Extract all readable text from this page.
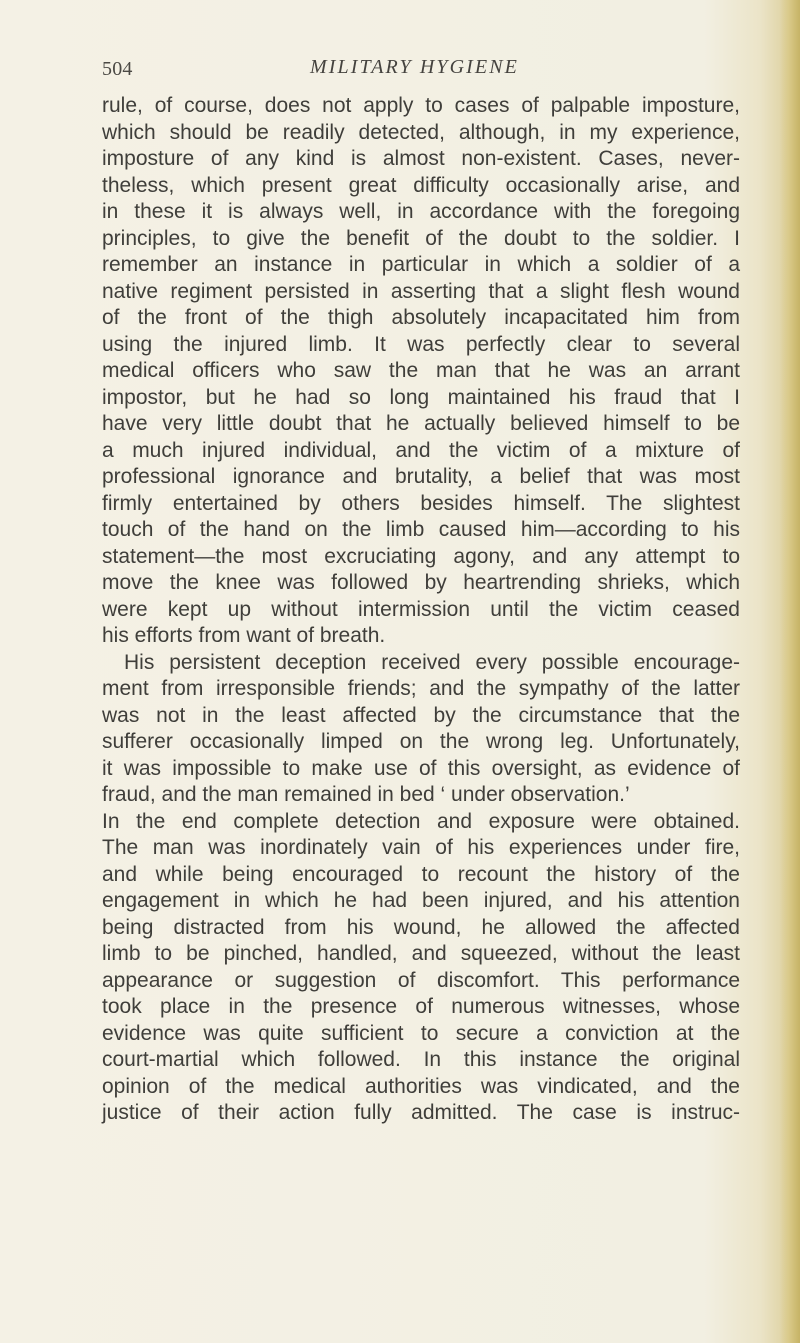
504	MILITARY HYGIENE
rule, of course, does not apply to cases of palpable imposture,
which should be readily detected, although, in my experience,
imposture of any kind is almost non-existent. Cases, never-
theless, which present great difficulty occasionally arise, and
in these it is always well, in accordance with the foregoing
principles, to give the benefit of the doubt to the soldier. I
remember an instance in particular in which a soldier of a
native regiment persisted in asserting that a slight flesh wound
of the front of the thigh absolutely incapacitated him from
using the injured limb. It was perfectly clear to several
medical officers who saw the man that he was an arrant
impostor, but he had so long maintained his fraud that I
have very little doubt that he actually believed himself to be
a much injured individual, and the victim of a mixture of
professional ignorance and brutality, a belief that was most
firmly entertained by others besides himself. The slightest
touch of the hand on the limb caused him—according to his
statement—the most excruciating agony, and any attempt to
move the knee was followed by heartrending shrieks, which
were kept up without intermission until the victim ceased
his efforts from want of breath.
His persistent deception received every possible encourage-
ment from irresponsible friends; and the sympathy of the latter
was not in the least affected by the circumstance that the
sufferer occasionally limped on the wrong leg. Unfortunately,
it was impossible to make use of this oversight, as evidence of
fraud, and the man remained in bed ‘ under observation.’
In the end complete detection and exposure were obtained.
The man was inordinately vain of his experiences under fire,
and while being encouraged to recount the history of the
engagement in which he had been injured, and his attention
being distracted from his wound, he allowed the affected
limb to be pinched, handled, and squeezed, without the least
appearance or suggestion of discomfort. This performance
took place in the presence of numerous witnesses, whose
evidence was quite sufficient to secure a conviction at the
court-martial which followed. In this instance the original
opinion of the medical authorities was vindicated, and the
justice of their action fully admitted. The case is instruc-
